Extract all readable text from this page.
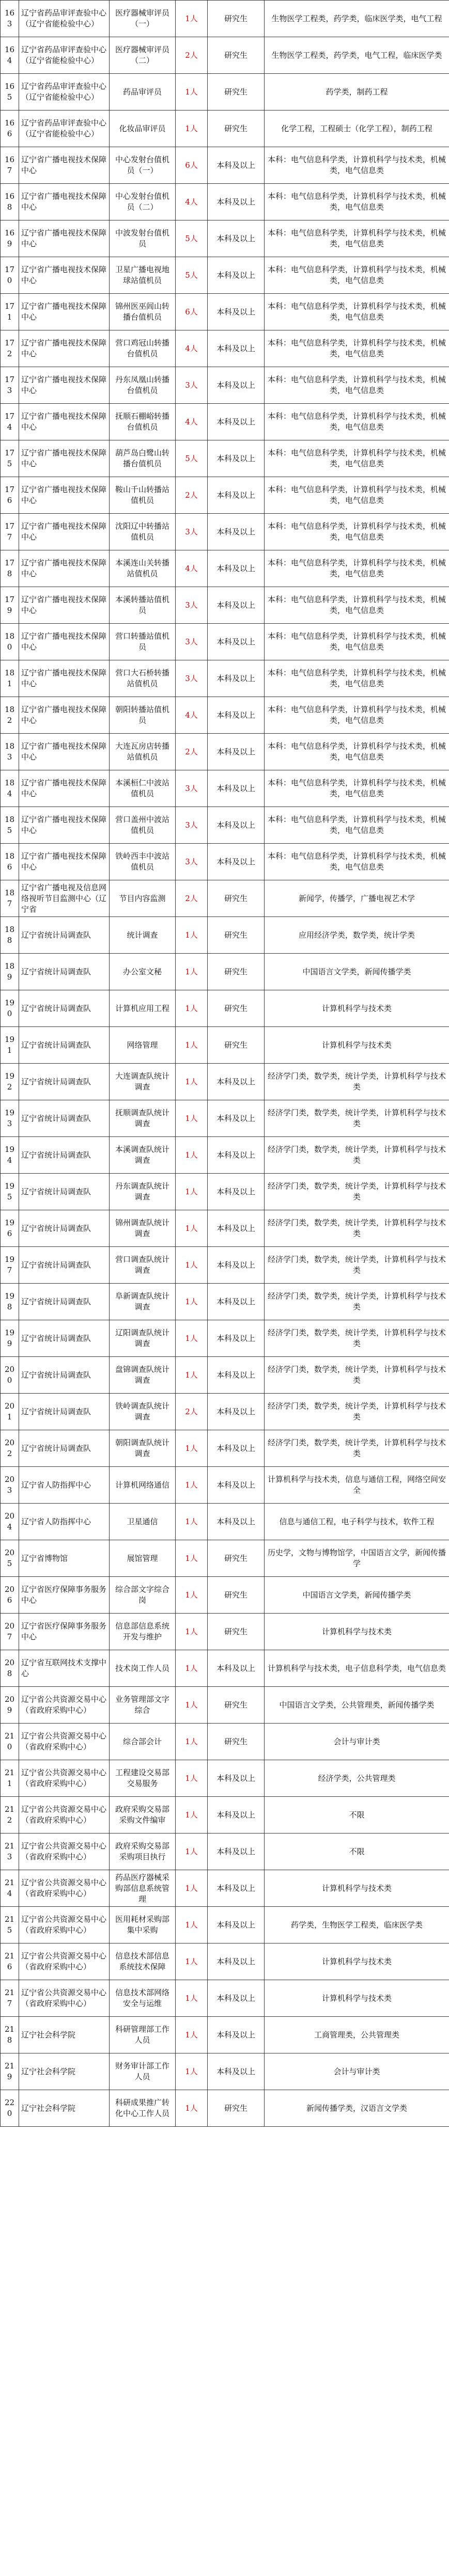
163	辽宁省药品审评查验中心（辽宁省能检验中心）	医疗器械审评员（一）	1人	研究生	生物医学工程类，药学类，临床医学类，电气工程
164	辽宁省药品审评查验中心（辽宁省能检验中心）	医疗器械审评员（二）	2人	研究生	生物医学工程类，药学类，电气工程，临床医学类
165	辽宁省药品审评查验中心（辽宁省能检验中心）	药品审评员	1人	研究生	药学类，制药工程
166	辽宁省药品审评查验中心（辽宁省能检验中心）	化妆品审评员	1人	研究生	化学工程，工程硕士（化学工程），制药工程
167	辽宁省广播电视技术保障中心	中心发射台值机员（一）	6人	本科及以上	本科：电气信息科学类，计算机科学与技术类，机械类，电气信息类
168	辽宁省广播电视技术保障中心	中心发射台值机员（二）	4人	本科及以上	本科：电气信息科学类，计算机科学与技术类，机械类，电气信息类
169	辽宁省广播电视技术保障中心	中波发射台值机员	5人	本科及以上	本科：电气信息科学类，计算机科学与技术类，机械类，电气信息类
170	辽宁省广播电视技术保障中心	卫星广播电视地球站值机员	5人	本科及以上	本科：电气信息科学类，计算机科学与技术类，机械类，电气信息类
171	辽宁省广播电视技术保障中心	锦州医巫闾山转播台值机员	6人	本科及以上	本科：电气信息科学类，计算机科学与技术类，机械类，电气信息类
172	辽宁省广播电视技术保障中心	营口鸡冠山转播台值机员	4人	本科及以上	本科：电气信息科学类，计算机科学与技术类，机械类，电气信息类
173	辽宁省广播电视技术保障中心	丹东凤凰山转播台值机员	3人	本科及以上	本科：电气信息科学类，计算机科学与技术类，机械类，电气信息类
174	辽宁省广播电视技术保障中心	抚顺石棚峪转播台值机员	4人	本科及以上	本科：电气信息科学类，计算机科学与技术类，机械类，电气信息类
175	辽宁省广播电视技术保障中心	葫芦岛白鹭山转播台值机员	5人	本科及以上	本科：电气信息科学类，计算机科学与技术类，机械类，电气信息类
176	辽宁省广播电视技术保障中心	鞍山千山转播站值机员	2人	本科及以上	本科：电气信息科学类，计算机科学与技术类，机械类，电气信息类
177	辽宁省广播电视技术保障中心	沈阳辽中转播站值机员	3人	本科及以上	本科：电气信息科学类，计算机科学与技术类，机械类，电气信息类
178	辽宁省广播电视技术保障中心	本溪连山关转播站值机员	4人	本科及以上	本科：电气信息科学类，计算机科学与技术类，机械类，电气信息类
179	辽宁省广播电视技术保障中心	本溪转播站值机员	3人	本科及以上	本科：电气信息科学类，计算机科学与技术类，机械类，电气信息类
180	辽宁省广播电视技术保障中心	营口转播站值机员	3人	本科及以上	本科：电气信息科学类，计算机科学与技术类，机械类，电气信息类
181	辽宁省广播电视技术保障中心	营口大石桥转播站值机员	3人	本科及以上	本科：电气信息科学类，计算机科学与技术类，机械类，电气信息类
182	辽宁省广播电视技术保障中心	朝阳转播站值机员	4人	本科及以上	本科：电气信息科学类，计算机科学与技术类，机械类，电气信息类
183	辽宁省广播电视技术保障中心	大连瓦房店转播站值机员	2人	本科及以上	本科：电气信息科学类，计算机科学与技术类，机械类，电气信息类
184	辽宁省广播电视技术保障中心	本溪桓仁中波站值机员	3人	本科及以上	本科：电气信息科学类，计算机科学与技术类，机械类，电气信息类
185	辽宁省广播电视技术保障中心	营口盖州中波站值机员	3人	本科及以上	本科：电气信息科学类，计算机科学与技术类，机械类，电气信息类
186	辽宁省广播电视技术保障中心	铁岭西丰中波站值机员	3人	本科及以上	本科：电气信息科学类，计算机科学与技术类，机械类，电气信息类
187	辽宁省广播电视及信息网络视听节目监测中心（辽宁省	节目内容监测	2人	研究生	新闻学，传播学，广播电视艺术学
188	辽宁省统计局调查队	统计调查	1人	研究生	应用经济学类，数学类，统计学类
189	辽宁省统计局调查队	办公室文秘	1人	研究生	中国语言文学类，新闻传播学类
190	辽宁省统计局调查队	计算机应用工程	1人	研究生	计算机科学与技术类
191	辽宁省统计局调查队	网络管理	1人	研究生	计算机科学与技术类
192	辽宁省统计局调查队	大连调查队统计调查	1人	本科及以上	经济学门类，数学类，统计学类，计算机科学与技术类
193	辽宁省统计局调查队	抚顺调查队统计调查	1人	本科及以上	经济学门类，数学类，统计学类，计算机科学与技术类
194	辽宁省统计局调查队	本溪调查队统计调查	1人	本科及以上	经济学门类，数学类，统计学类，计算机科学与技术类
195	辽宁省统计局调查队	丹东调查队统计调查	1人	本科及以上	经济学门类，数学类，统计学类，计算机科学与技术类
196	辽宁省统计局调查队	锦州调查队统计调查	1人	本科及以上	经济学门类，数学类，统计学类，计算机科学与技术类
197	辽宁省统计局调查队	营口调查队统计调查	1人	本科及以上	经济学门类，数学类，统计学类，计算机科学与技术类
198	辽宁省统计局调查队	阜新调查队统计调查	1人	本科及以上	经济学门类，数学类，统计学类，计算机科学与技术类
199	辽宁省统计局调查队	辽阳调查队统计调查	1人	本科及以上	经济学门类，数学类，统计学类，计算机科学与技术类
200	辽宁省统计局调查队	盘锦调查队统计调查	1人	本科及以上	经济学门类，数学类，统计学类，计算机科学与技术类
201	辽宁省统计局调查队	铁岭调查队统计调查	2人	本科及以上	经济学门类，数学类，统计学类，计算机科学与技术类
202	辽宁省统计局调查队	朝阳调查队统计调查	1人	本科及以上	经济学门类，数学类，统计学类，计算机科学与技术类
203	辽宁省人防指挥中心	计算机网络通信	1人	本科及以上	计算机科学与技术类，信息与通信工程，网络空间安全
204	辽宁省人防指挥中心	卫星通信	1人	本科及以上	信息与通信工程，电子科学与技术，软件工程
205	辽宁省博物馆	展馆管理	1人	研究生	历史学，文物与博物馆学，中国语言文学，新闻传播学
206	辽宁省医疗保障事务服务中心	综合部文字综合岗	1人	研究生	中国语言文学类，新闻传播学类
207	辽宁省医疗保障事务服务中心	信息部信息系统开发与维护	1人	研究生	计算机科学与技术类
208	辽宁省互联网技术支撑中心	技术岗工作人员	1人	本科及以上	计算机科学与技术类，电子信息科学类，电气信息类
209	辽宁省公共资源交易中心（省政府采购中心）	业务管理部文字综合	1人	研究生	中国语言文学类，公共管理类，新闻传播学类
210	辽宁省公共资源交易中心（省政府采购中心）	综合部会计	1人	研究生	会计与审计类
211	辽宁省公共资源交易中心（省政府采购中心）	工程建设交易部交易服务	1人	本科及以上	经济学类，公共管理类
212	辽宁省公共资源交易中心（省政府采购中心）	政府采购交易部采购文件编审	1人	本科及以上	不限
213	辽宁省公共资源交易中心（省政府采购中心）	政府采购交易部采购项目执行	1人	本科及以上	不限
214	辽宁省公共资源交易中心（省政府采购中心）	药品医疗器械采购部信息系统管理	1人	本科及以上	计算机科学与技术类
215	辽宁省公共资源交易中心（省政府采购中心）	医用耗材采购部集中采购	1人	本科及以上	药学类，生物医学工程类，临床医学类
216	辽宁省公共资源交易中心（省政府采购中心）	信息技术部信息系统技术保障	1人	本科及以上	计算机科学与技术类
217	辽宁省公共资源交易中心（省政府采购中心）	信息技术部网络安全与运维	1人	本科及以上	计算机科学与技术类
218	辽宁社会科学院	科研管理部工作人员	1人	本科及以上	工商管理类，公共管理类
219	辽宁社会科学院	财务审计部工作人员	1人	本科及以上	会计与审计类
220	辽宁社会科学院	科研成果推广转化中心工作人员	1人	研究生	新闻传播学类，汉语言文学类
